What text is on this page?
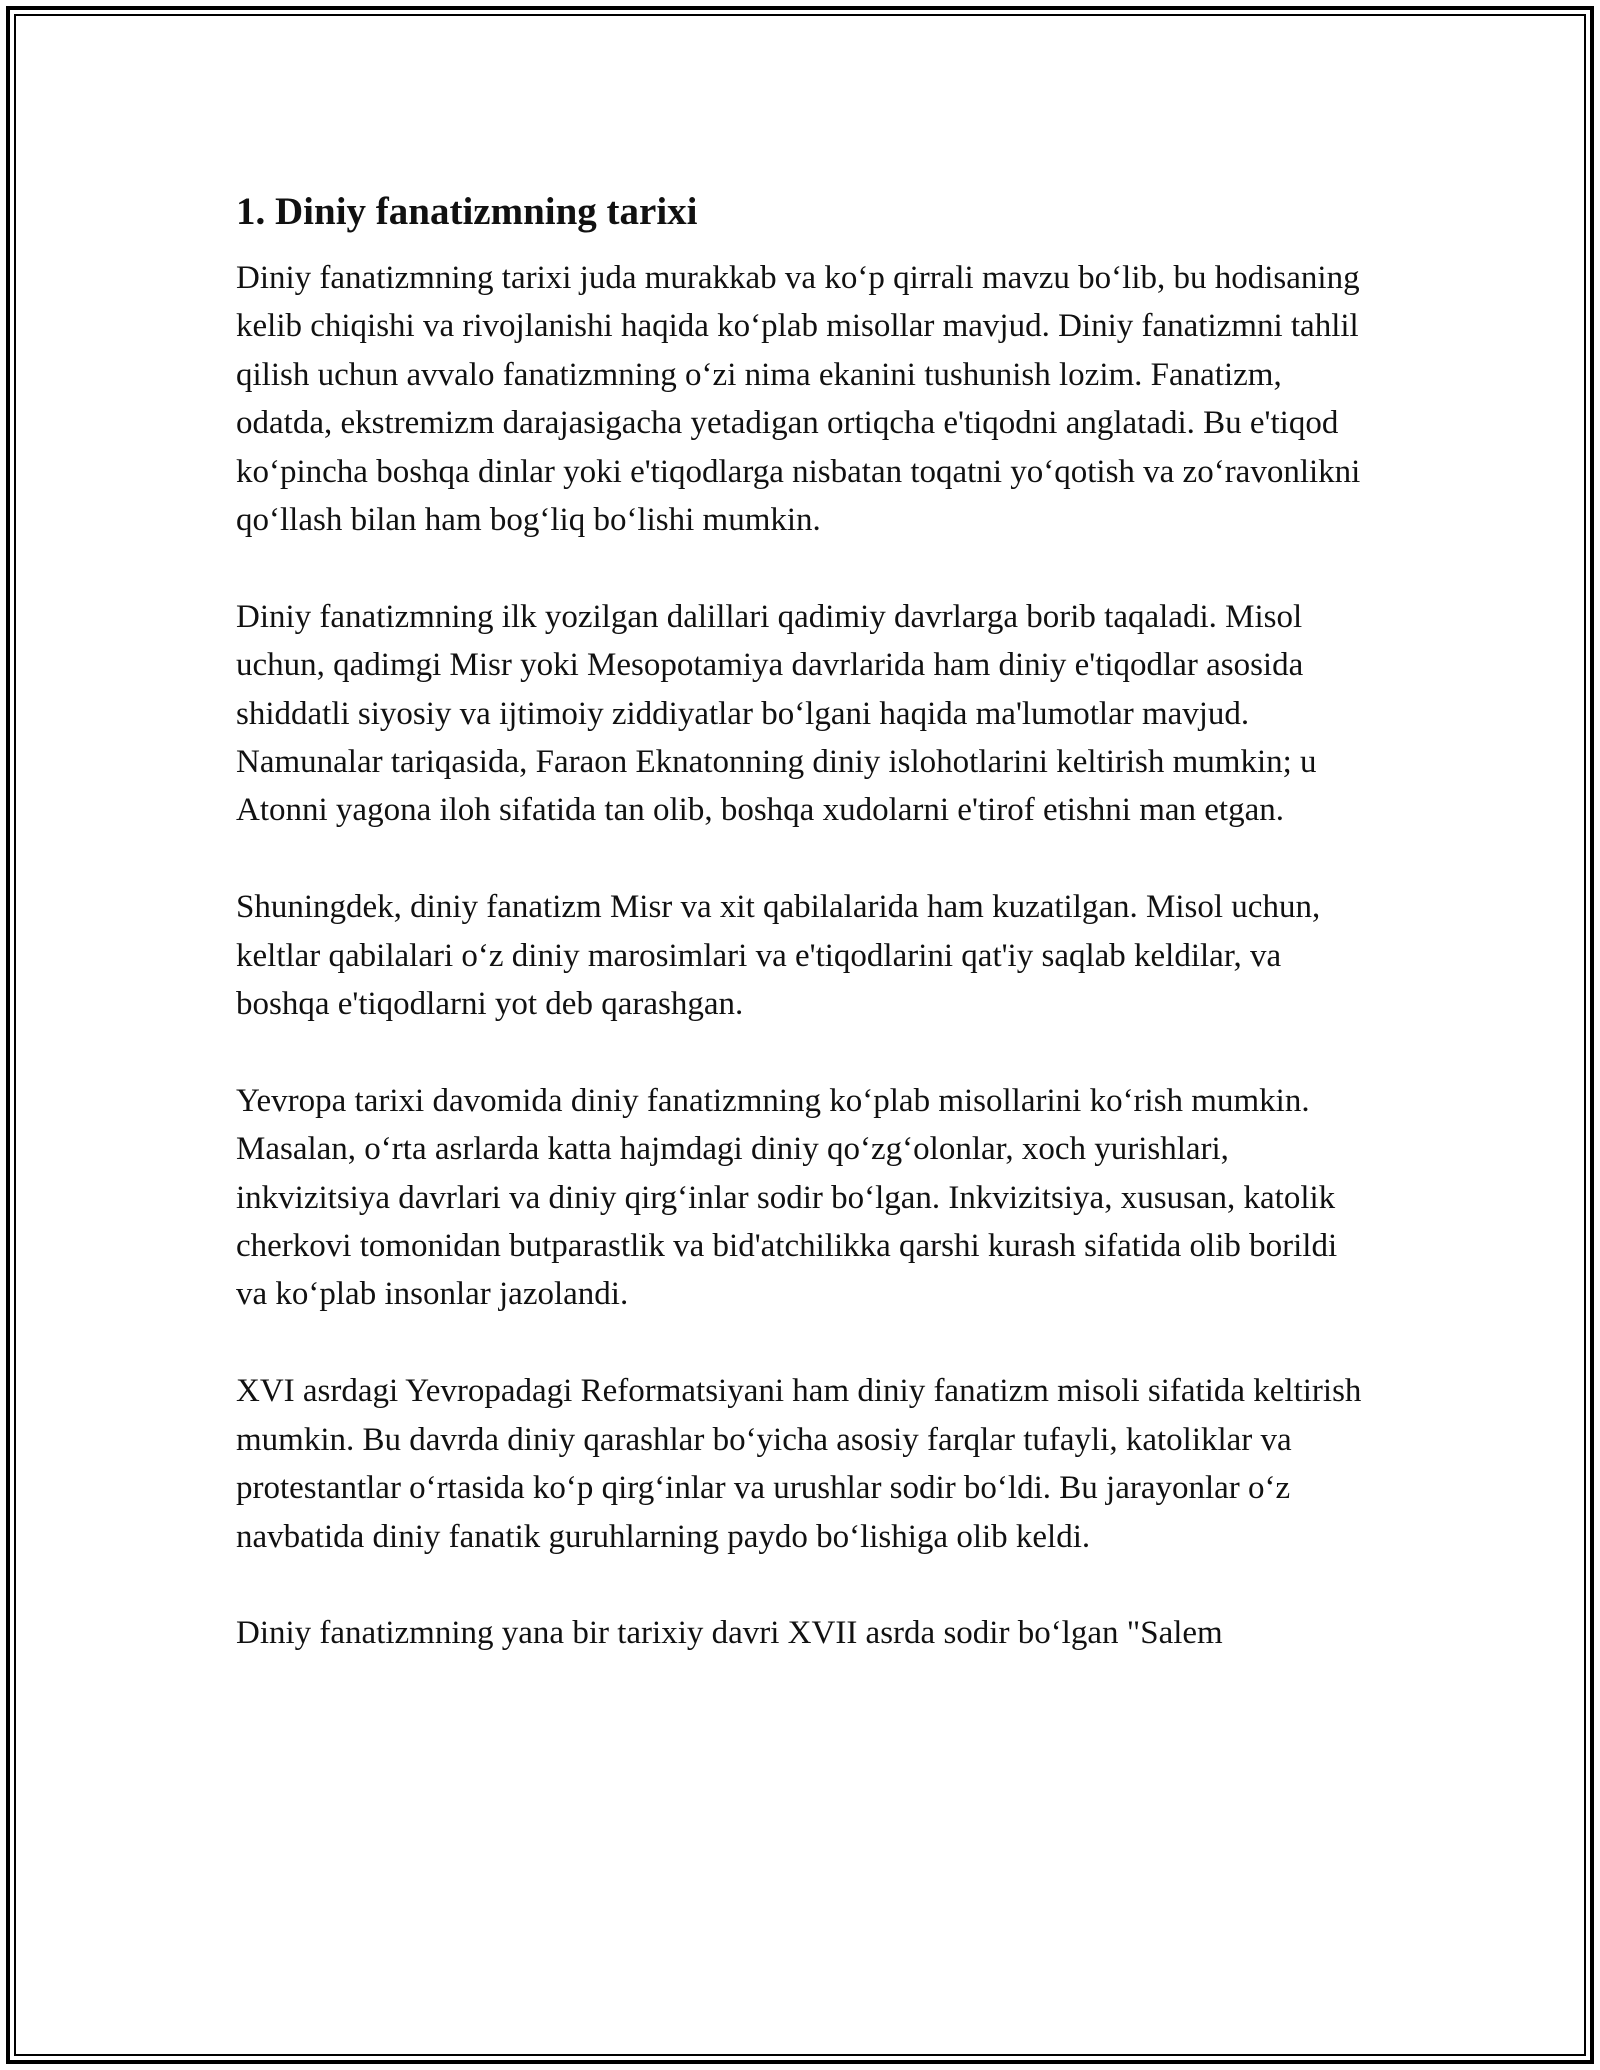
1. Diniy fanatizmning tarixi

Diniy fanatizmning tarixi juda murakkab va ko‘p qirrali mavzu bo‘lib, bu hodisaning kelib chiqishi va rivojlanishi haqida ko‘plab misollar mavjud. Diniy fanatizmni tahlil qilish uchun avvalo fanatizmning o‘zi nima ekanini tushunish lozim. Fanatizm, odatda, ekstremizm darajasigacha yetadigan ortiqcha e'tiqodni anglatadi. Bu e'tiqod ko‘pincha boshqa dinlar yoki e'tiqodlarga nisbatan toqatni yo‘qotish va zo‘ravonlikni qo‘llash bilan ham bog‘liq bo‘lishi mumkin.

Diniy fanatizmning ilk yozilgan dalillari qadimiy davrlarga borib taqaladi. Misol uchun, qadimgi Misr yoki Mesopotamiya davrlarida ham diniy e'tiqodlar asosida shiddatli siyosiy va ijtimoiy ziddiyatlar bo‘lgani haqida ma'lumotlar mavjud. Namunalar tariqasida, Faraon Eknatonning diniy islohotlarini keltirish mumkin; u Atonni yagona iloh sifatida tan olib, boshqa xudolarni e'tirof etishni man etgan.

Shuningdek, diniy fanatizm Misr va xit qabilalarida ham kuzatilgan. Misol uchun, keltlar qabilalari o‘z diniy marosimlari va e'tiqodlarini qat'iy saqlab keldilar, va boshqa e'tiqodlarni yot deb qarashgan.

Yevropa tarixi davomida diniy fanatizmning ko‘plab misollarini ko‘rish mumkin. Masalan, o‘rta asrlarda katta hajmdagi diniy qo‘zg‘olonlar, xoch yurishlari, inkvizitsiya davrlari va diniy qirg‘inlar sodir bo‘lgan. Inkvizitsiya, xususan, katolik cherkovi tomonidan butparastlik va bid'atchilikka qarshi kurash sifatida olib borildi va ko‘plab insonlar jazolandi.

XVI asrdagi Yevropadagi Reformatsiyani ham diniy fanatizm misoli sifatida keltirish mumkin. Bu davrda diniy qarashlar bo‘yicha asosiy farqlar tufayli, katoliklar va protestantlar o‘rtasida ko‘p qirg‘inlar va urushlar sodir bo‘ldi. Bu jarayonlar o‘z navbatida diniy fanatik guruhlarning paydo bo‘lishiga olib keldi.

Diniy fanatizmning yana bir tarixiy davri XVII asrda sodir bo‘lgan "Salem
